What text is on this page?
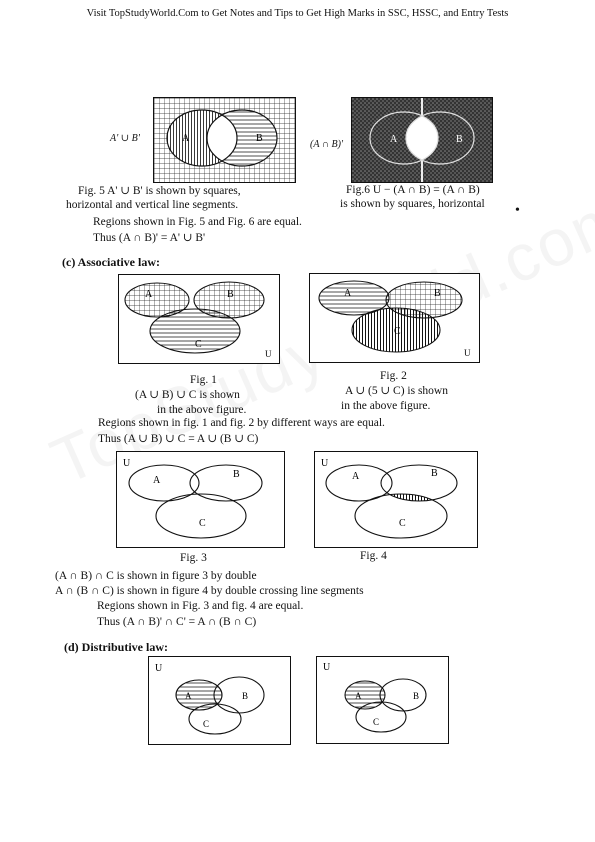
Visit TopStudyWorld.Com to Get Notes and Tips to Get High Marks in SSC, HSSC, and Entry Tests
A' ∪ B'	A	B
(A ∩ B)'	A	B
Fig. 5 A' ∪ B' is shown by squares,
horizontal and vertical line segments.
Fig.6 U − (A ∩ B) = (A ∩ B)
is shown by squares, horizontal •
Regions shown in Fig. 5 and Fig. 6 are equal.
Thus (A ∩ B)' = A' ∪ B'
(c) Associative law:
A	B
C
U
A	B
C
U
Fig. 1
(A ∪ B) ∪ C is shown
in the above figure.
Fig. 2
A ∪ (5 ∪ C) is shown
in the above figure.
Regions shown in fig. 1 and fig. 2 by different ways are equal.
Thus (A ∪ B) ∪ C = A ∪ (B ∪ C)
U
A
B
C
U
A	B
C
Fig. 3	Fig. 4
(A ∩ B) ∩ C is shown in figure 3 by double
A ∩ (B ∩ C) is shown in figure 4 by double crossing line segments
Regions shown in Fig. 3 and fig. 4 are equal.
Thus (A ∩ B)' ∩ C' = A ∩ (B ∩ C)
(d) Distributive law:
U
A	B
C
U
A	B
C
